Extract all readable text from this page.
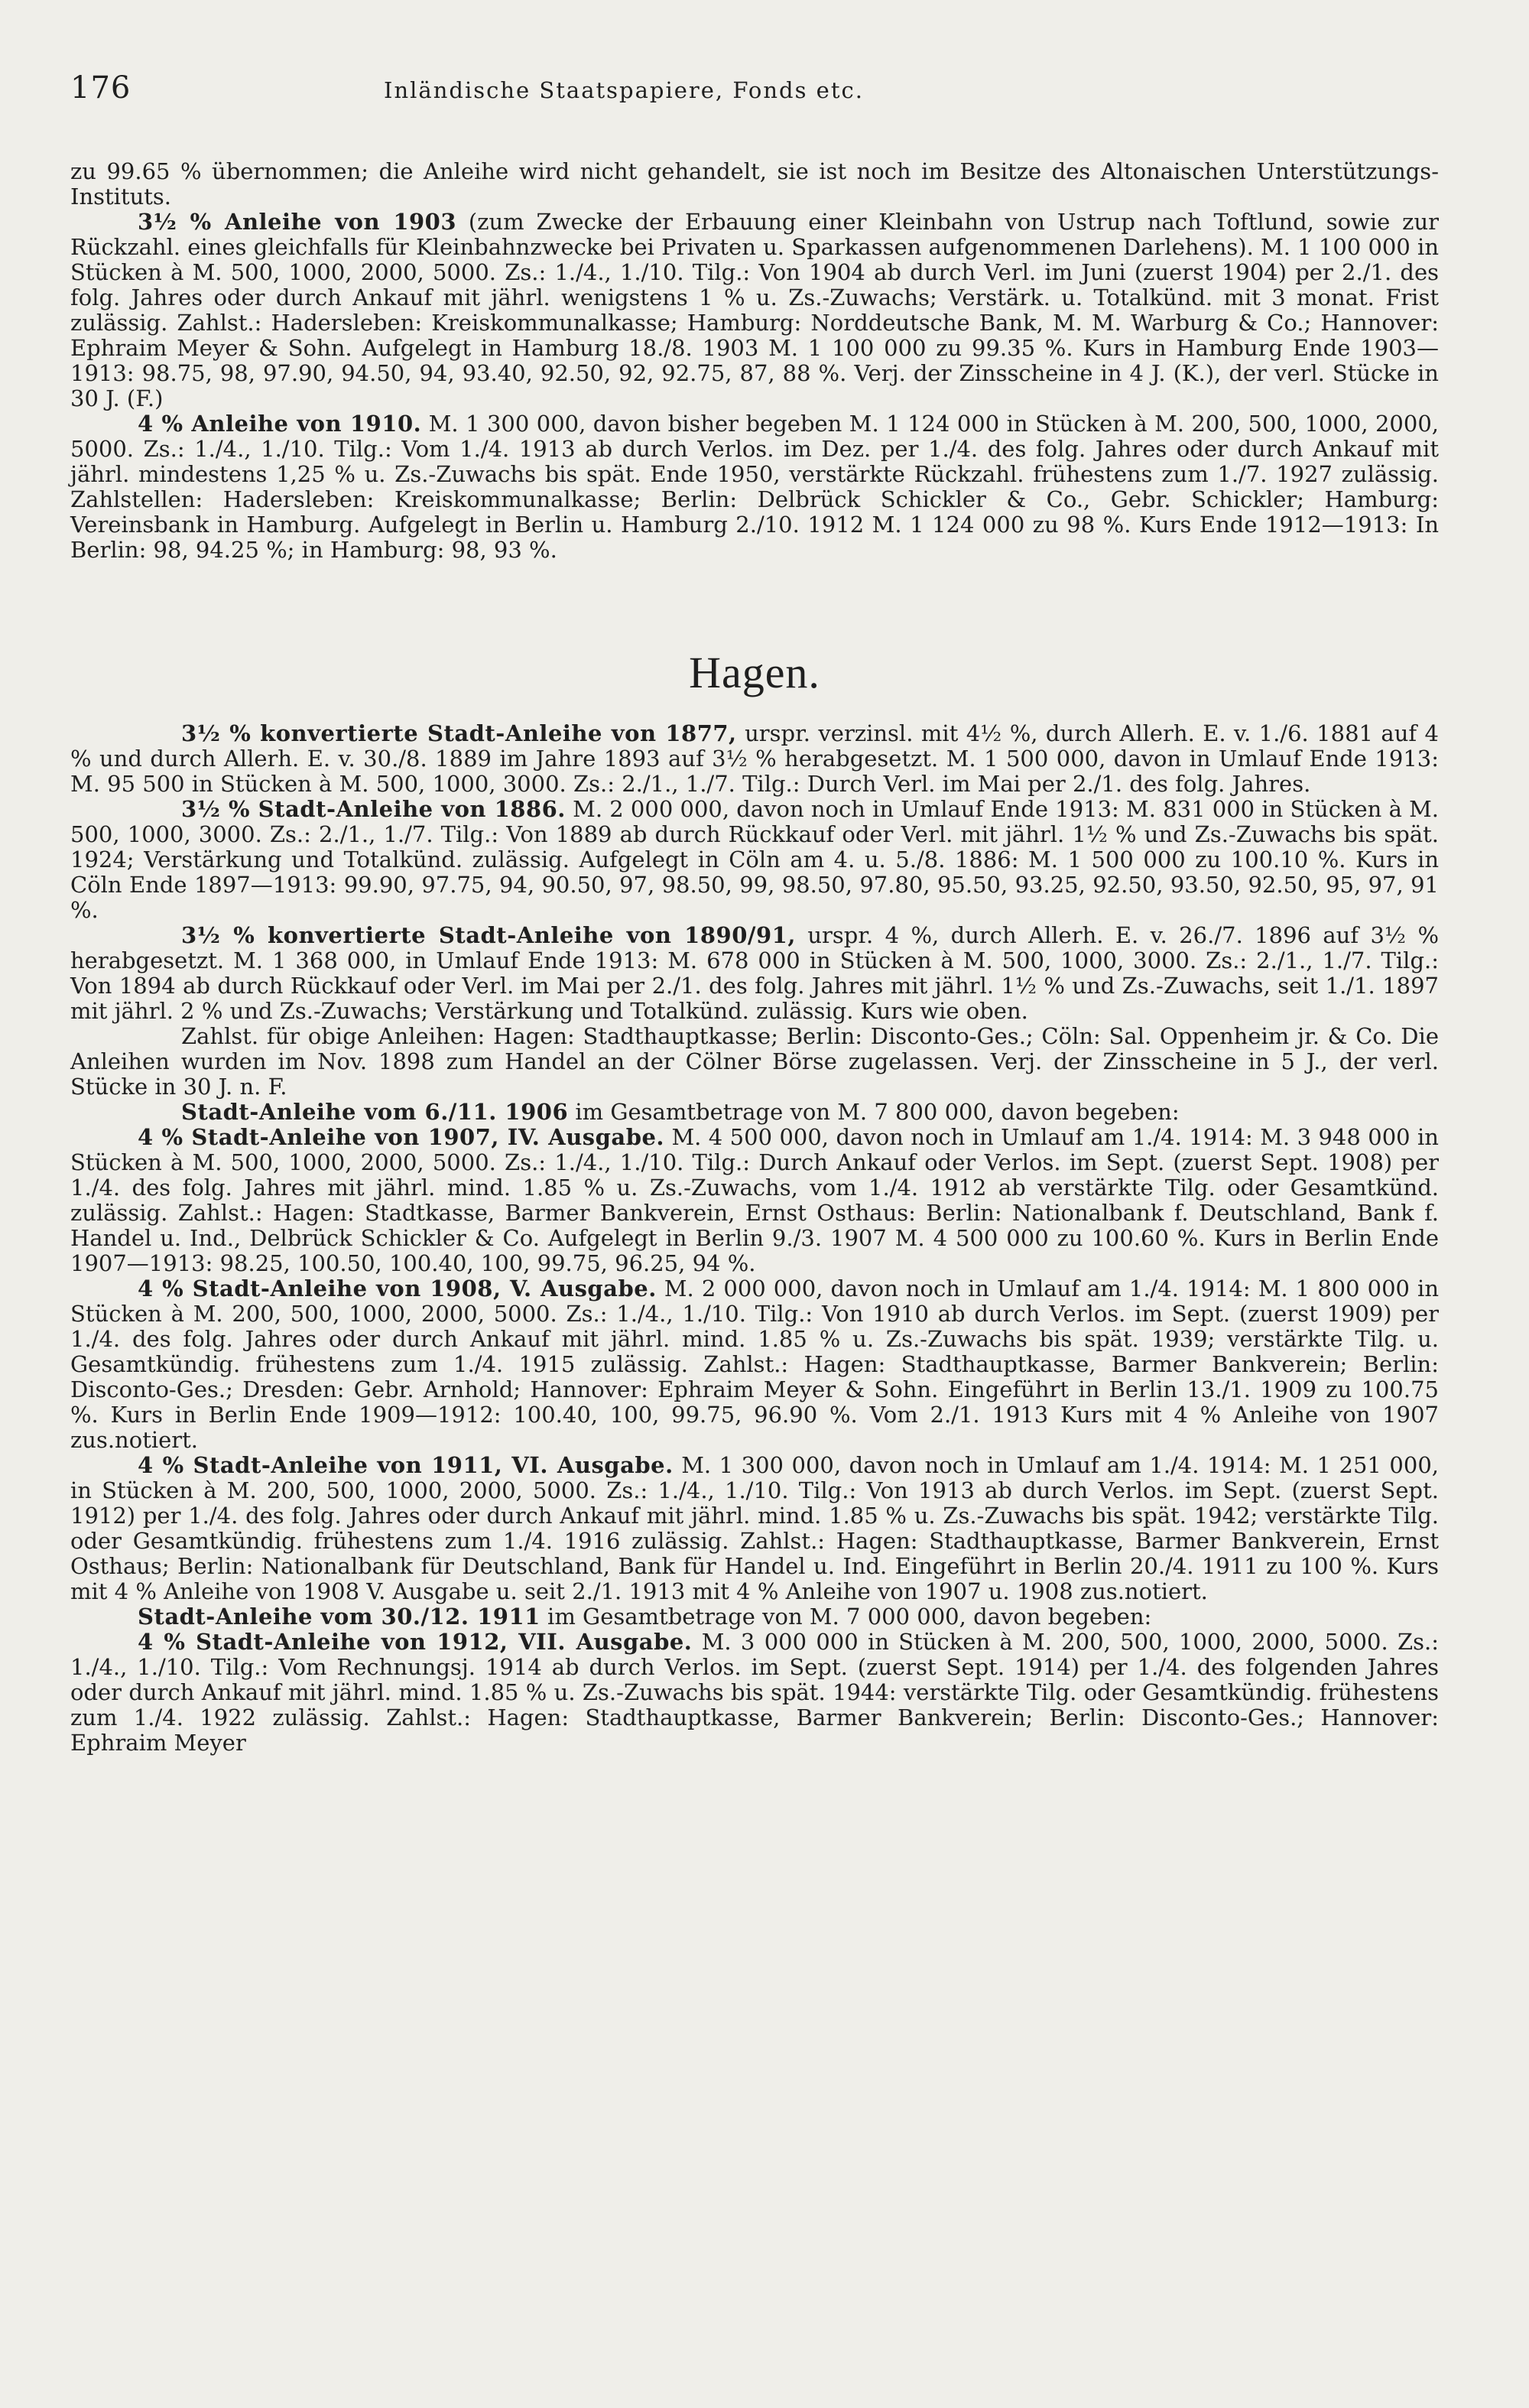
176	Inländische Staatspapiere, Fonds etc.

zu 99.65 % übernommen; die Anleihe wird nicht gehandelt, sie ist noch im Besitze des Altonaischen Unterstützungs-Instituts.

3½ % Anleihe von 1903 (zum Zwecke der Erbauung einer Kleinbahn von Ustrup nach Toftlund, sowie zur Rückzahl. eines gleichfalls für Kleinbahnzwecke bei Privaten u. Sparkassen aufgenommenen Darlehens). M. 1 100 000 in Stücken à M. 500, 1000, 2000, 5000. Zs.: 1./4., 1./10. Tilg.: Von 1904 ab durch Verl. im Juni (zuerst 1904) per 2./1. des folg. Jahres oder durch Ankauf mit jährl. wenigstens 1 % u. Zs.-Zuwachs; Verstärk. u. Totalkünd. mit 3 monat. Frist zulässig. Zahlst.: Hadersleben: Kreiskommunalkasse; Hamburg: Norddeutsche Bank, M. M. Warburg & Co.; Hannover: Ephraim Meyer & Sohn. Aufgelegt in Hamburg 18./8. 1903 M. 1 100 000 zu 99.35 %. Kurs in Hamburg Ende 1903—1913: 98.75, 98, 97.90, 94.50, 94, 93.40, 92.50, 92, 92.75, 87, 88 %. Verj. der Zinsscheine in 4 J. (K.), der verl. Stücke in 30 J. (F.)

4 % Anleihe von 1910. M. 1 300 000, davon bisher begeben M. 1 124 000 in Stücken à M. 200, 500, 1000, 2000, 5000. Zs.: 1./4., 1./10. Tilg.: Vom 1./4. 1913 ab durch Verlos. im Dez. per 1./4. des folg. Jahres oder durch Ankauf mit jährl. mindestens 1,25 % u. Zs.-Zuwachs bis spät. Ende 1950, verstärkte Rückzahl. frühestens zum 1./7. 1927 zulässig. Zahlstellen: Hadersleben: Kreiskommunalkasse; Berlin: Delbrück Schickler & Co., Gebr. Schickler; Hamburg: Vereinsbank in Hamburg. Aufgelegt in Berlin u. Hamburg 2./10. 1912 M. 1 124 000 zu 98 %. Kurs Ende 1912—1913: In Berlin: 98, 94.25 %; in Hamburg: 98, 93 %.

Hagen.

3½ % konvertierte Stadt-Anleihe von 1877, urspr. verzinsl. mit 4½ %, durch Allerh. E. v. 1./6. 1881 auf 4 % und durch Allerh. E. v. 30./8. 1889 im Jahre 1893 auf 3½ % herabgesetzt. M. 1 500 000, davon in Umlauf Ende 1913: M. 95 500 in Stücken à M. 500, 1000, 3000. Zs.: 2./1., 1./7. Tilg.: Durch Verl. im Mai per 2./1. des folg. Jahres.

3½ % Stadt-Anleihe von 1886. M. 2 000 000, davon noch in Umlauf Ende 1913: M. 831 000 in Stücken à M. 500, 1000, 3000. Zs.: 2./1., 1./7. Tilg.: Von 1889 ab durch Rückkauf oder Verl. mit jährl. 1½ % und Zs.-Zuwachs bis spät. 1924; Verstärkung und Totalkünd. zulässig. Aufgelegt in Cöln am 4. u. 5./8. 1886: M. 1 500 000 zu 100.10 %. Kurs in Cöln Ende 1897—1913: 99.90, 97.75, 94, 90.50, 97, 98.50, 99, 98.50, 97.80, 95.50, 93.25, 92.50, 93.50, 92.50, 95, 97, 91 %.

3½ % konvertierte Stadt-Anleihe von 1890/91, urspr. 4 %, durch Allerh. E. v. 26./7. 1896 auf 3½ % herabgesetzt. M. 1 368 000, in Umlauf Ende 1913: M. 678 000 in Stücken à M. 500, 1000, 3000. Zs.: 2./1., 1./7. Tilg.: Von 1894 ab durch Rückkauf oder Verl. im Mai per 2./1. des folg. Jahres mit jährl. 1½ % und Zs.-Zuwachs, seit 1./1. 1897 mit jährl. 2 % und Zs.-Zuwachs; Verstärkung und Totalkünd. zulässig. Kurs wie oben.

Zahlst. für obige Anleihen: Hagen: Stadthauptkasse; Berlin: Disconto-Ges.; Cöln: Sal. Oppenheim jr. & Co. Die Anleihen wurden im Nov. 1898 zum Handel an der Cölner Börse zugelassen. Verj. der Zinsscheine in 5 J., der verl. Stücke in 30 J. n. F.

Stadt-Anleihe vom 6./11. 1906 im Gesamtbetrage von M. 7 800 000, davon begeben:

4 % Stadt-Anleihe von 1907, IV. Ausgabe. M. 4 500 000, davon noch in Umlauf am 1./4. 1914: M. 3 948 000 in Stücken à M. 500, 1000, 2000, 5000. Zs.: 1./4., 1./10. Tilg.: Durch Ankauf oder Verlos. im Sept. (zuerst Sept. 1908) per 1./4. des folg. Jahres mit jährl. mind. 1.85 % u. Zs.-Zuwachs, vom 1./4. 1912 ab verstärkte Tilg. oder Gesamtkünd. zulässig. Zahlst.: Hagen: Stadtkasse, Barmer Bankverein, Ernst Osthaus: Berlin: Nationalbank f. Deutschland, Bank f. Handel u. Ind., Delbrück Schickler & Co. Aufgelegt in Berlin 9./3. 1907 M. 4 500 000 zu 100.60 %. Kurs in Berlin Ende 1907—1913: 98.25, 100.50, 100.40, 100, 99.75, 96.25, 94 %.

4 % Stadt-Anleihe von 1908, V. Ausgabe. M. 2 000 000, davon noch in Umlauf am 1./4. 1914: M. 1 800 000 in Stücken à M. 200, 500, 1000, 2000, 5000. Zs.: 1./4., 1./10. Tilg.: Von 1910 ab durch Verlos. im Sept. (zuerst 1909) per 1./4. des folg. Jahres oder durch Ankauf mit jährl. mind. 1.85 % u. Zs.-Zuwachs bis spät. 1939; verstärkte Tilg. u. Gesamtkündig. frühestens zum 1./4. 1915 zulässig. Zahlst.: Hagen: Stadthauptkasse, Barmer Bankverein; Berlin: Disconto-Ges.; Dresden: Gebr. Arnhold; Hannover: Ephraim Meyer & Sohn. Eingeführt in Berlin 13./1. 1909 zu 100.75 %. Kurs in Berlin Ende 1909—1912: 100.40, 100, 99.75, 96.90 %. Vom 2./1. 1913 Kurs mit 4 % Anleihe von 1907 zus.notiert.

4 % Stadt-Anleihe von 1911, VI. Ausgabe. M. 1 300 000, davon noch in Umlauf am 1./4. 1914: M. 1 251 000, in Stücken à M. 200, 500, 1000, 2000, 5000. Zs.: 1./4., 1./10. Tilg.: Von 1913 ab durch Verlos. im Sept. (zuerst Sept. 1912) per 1./4. des folg. Jahres oder durch Ankauf mit jährl. mind. 1.85 % u. Zs.-Zuwachs bis spät. 1942; verstärkte Tilg. oder Gesamtkündig. frühestens zum 1./4. 1916 zulässig. Zahlst.: Hagen: Stadthauptkasse, Barmer Bankverein, Ernst Osthaus; Berlin: Nationalbank für Deutschland, Bank für Handel u. Ind. Eingeführt in Berlin 20./4. 1911 zu 100 %. Kurs mit 4 % Anleihe von 1908 V. Ausgabe u. seit 2./1. 1913 mit 4 % Anleihe von 1907 u. 1908 zus.notiert.

Stadt-Anleihe vom 30./12. 1911 im Gesamtbetrage von M. 7 000 000, davon begeben:

4 % Stadt-Anleihe von 1912, VII. Ausgabe. M. 3 000 000 in Stücken à M. 200, 500, 1000, 2000, 5000. Zs.: 1./4., 1./10. Tilg.: Vom Rechnungsj. 1914 ab durch Verlos. im Sept. (zuerst Sept. 1914) per 1./4. des folgenden Jahres oder durch Ankauf mit jährl. mind. 1.85 % u. Zs.-Zuwachs bis spät. 1944: verstärkte Tilg. oder Gesamtkündig. frühestens zum 1./4. 1922 zulässig. Zahlst.: Hagen: Stadthauptkasse, Barmer Bankverein; Berlin: Disconto-Ges.; Hannover: Ephraim Meyer
